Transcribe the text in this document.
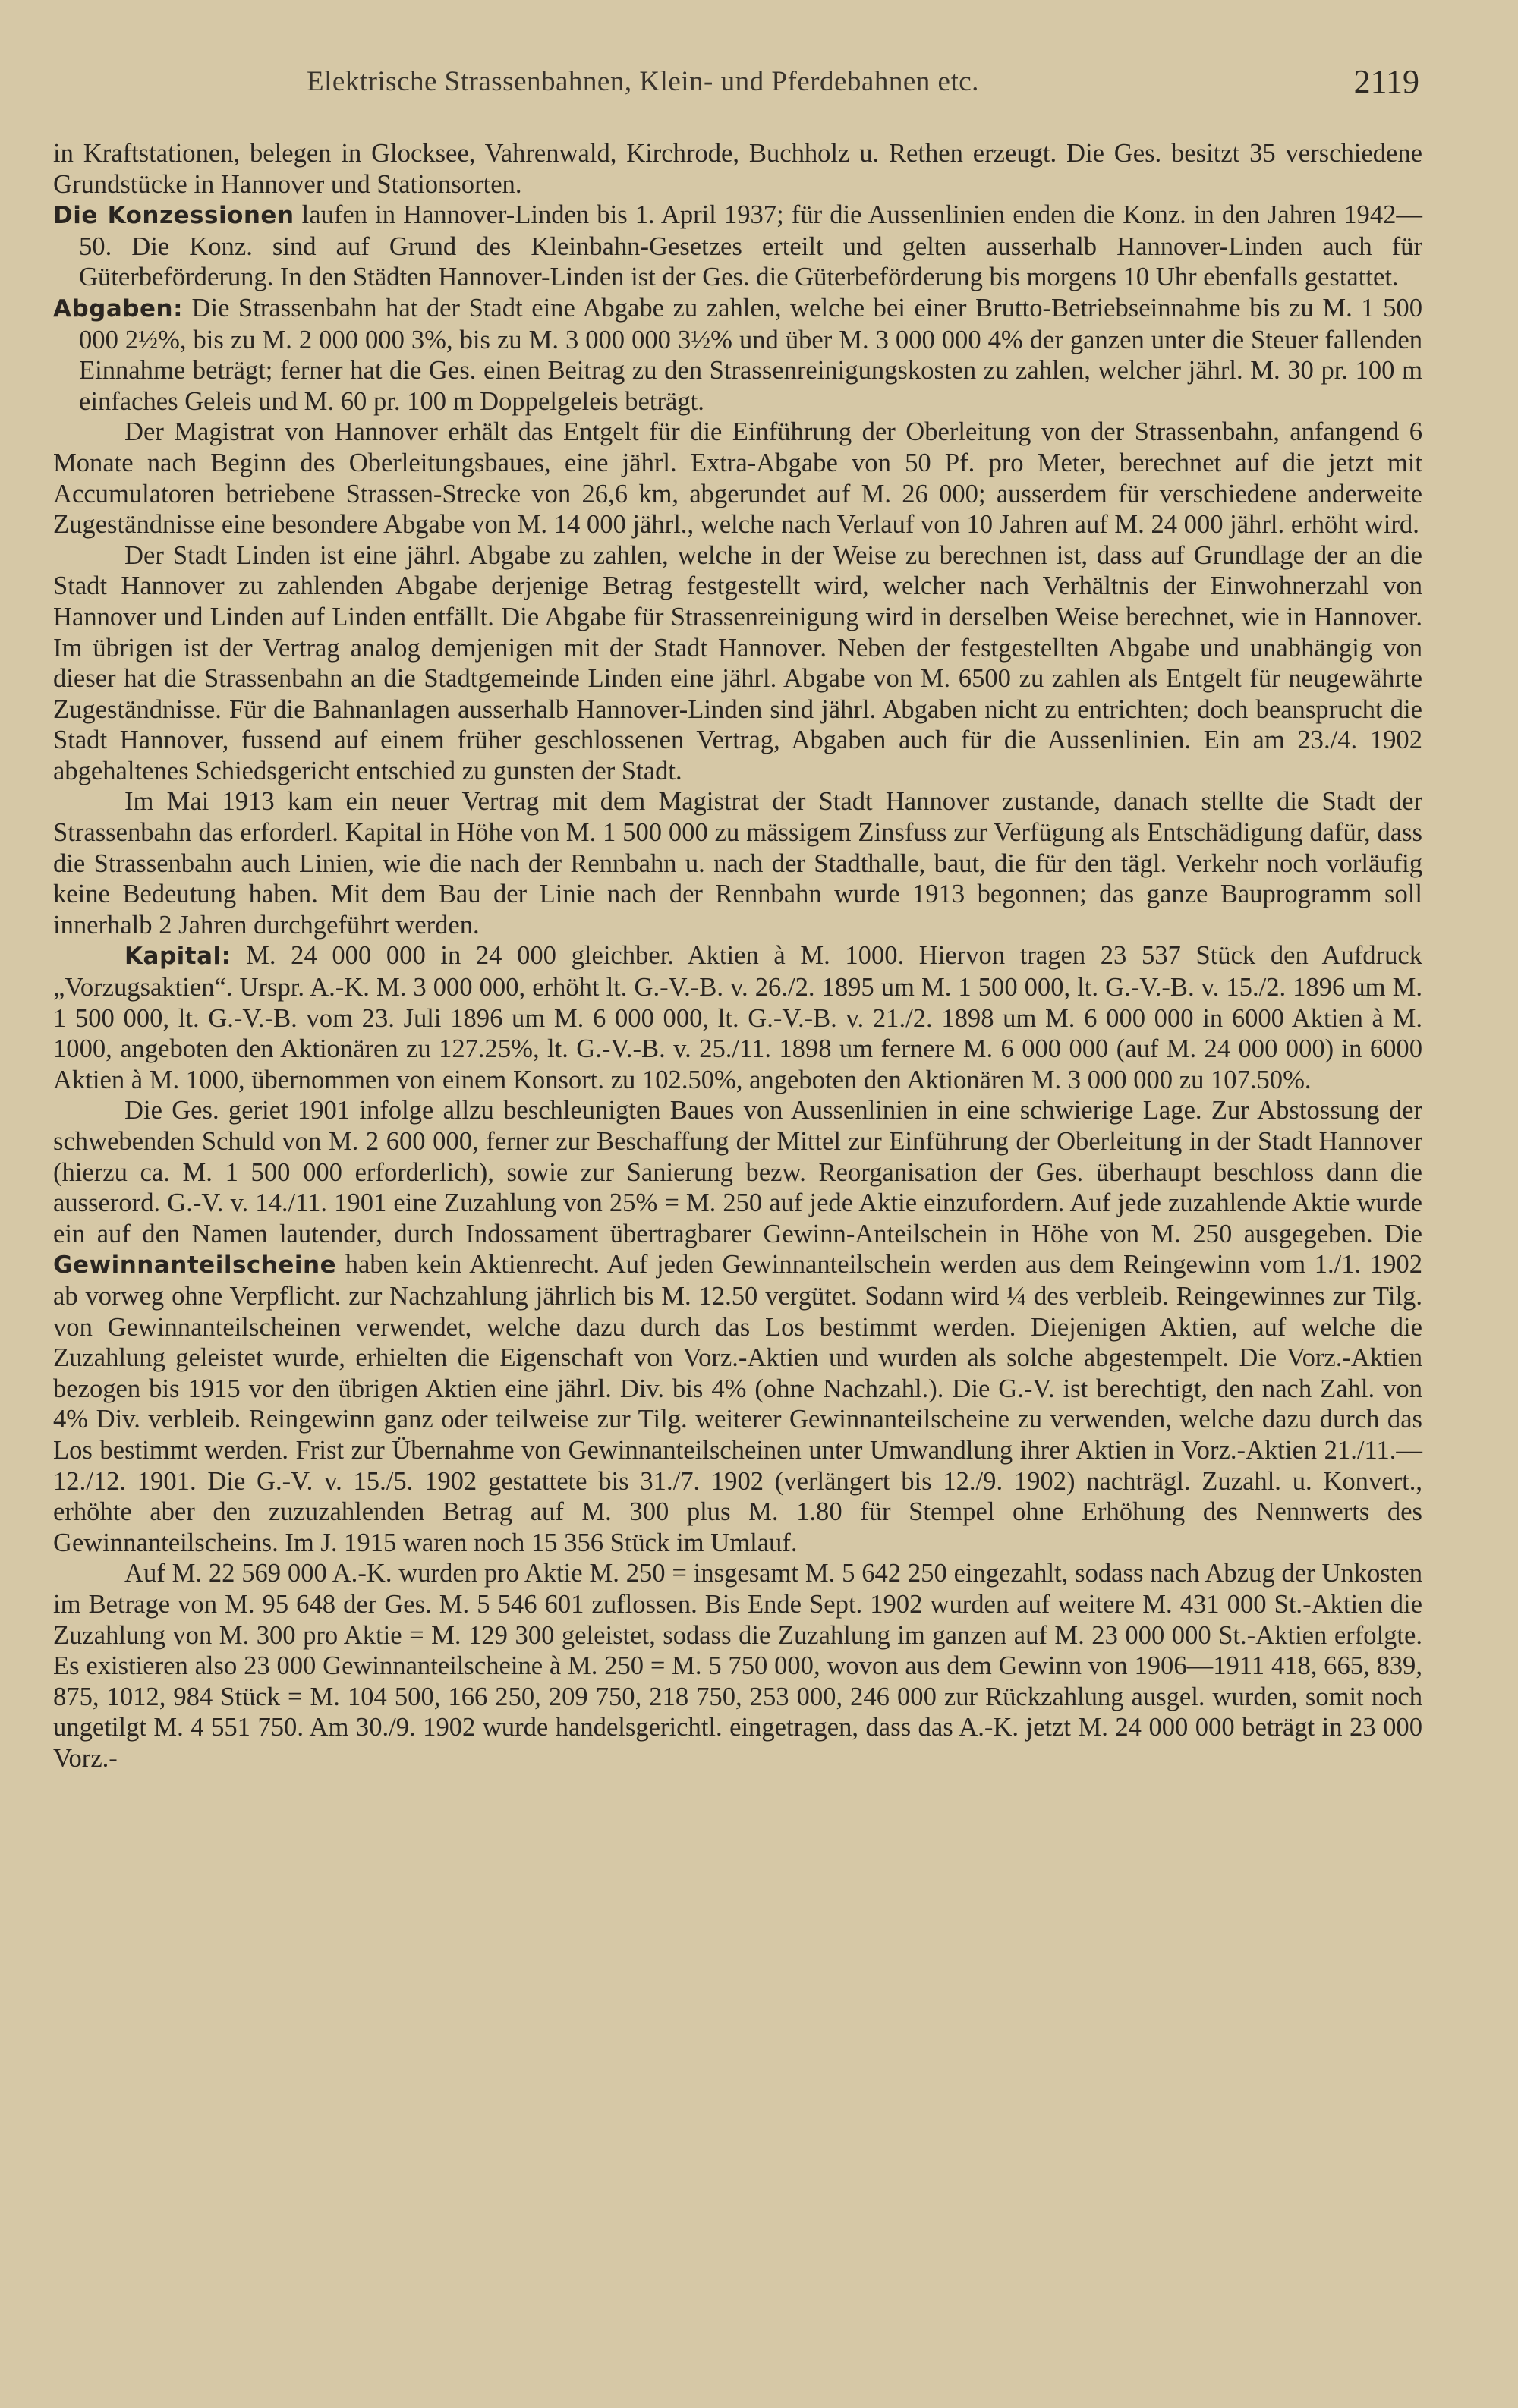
Elektrische Strassenbahnen, Klein- und Pferdebahnen etc.	2119

in Kraftstationen, belegen in Glocksee, Vahrenwald, Kirchrode, Buchholz u. Rethen erzeugt. Die Ges. besitzt 35 verschiedene Grundstücke in Hannover und Stationsorten.

Die Konzessionen laufen in Hannover-Linden bis 1. April 1937; für die Aussenlinien enden die Konz. in den Jahren 1942—50. Die Konz. sind auf Grund des Kleinbahn-Gesetzes erteilt und gelten ausserhalb Hannover-Linden auch für Güterbeförderung. In den Städten Hannover-Linden ist der Ges. die Güterbeförderung bis morgens 10 Uhr ebenfalls gestattet.

Abgaben: Die Strassenbahn hat der Stadt eine Abgabe zu zahlen, welche bei einer Brutto-Betriebseinnahme bis zu M. 1 500 000 2½%, bis zu M. 2 000 000 3%, bis zu M. 3 000 000 3½% und über M. 3 000 000 4% der ganzen unter die Steuer fallenden Einnahme beträgt; ferner hat die Ges. einen Beitrag zu den Strassenreinigungskosten zu zahlen, welcher jährl. M. 30 pr. 100 m einfaches Geleis und M. 60 pr. 100 m Doppelgeleis beträgt.

Der Magistrat von Hannover erhält das Entgelt für die Einführung der Oberleitung von der Strassenbahn, anfangend 6 Monate nach Beginn des Oberleitungsbaues, eine jährl. Extra-Abgabe von 50 Pf. pro Meter, berechnet auf die jetzt mit Accumulatoren betriebene Strassen-Strecke von 26,6 km, abgerundet auf M. 26 000; ausserdem für verschiedene anderweite Zugeständnisse eine besondere Abgabe von M. 14 000 jährl., welche nach Verlauf von 10 Jahren auf M. 24 000 jährl. erhöht wird.

Der Stadt Linden ist eine jährl. Abgabe zu zahlen, welche in der Weise zu berechnen ist, dass auf Grundlage der an die Stadt Hannover zu zahlenden Abgabe derjenige Betrag festgestellt wird, welcher nach Verhältnis der Einwohnerzahl von Hannover und Linden auf Linden entfällt. Die Abgabe für Strassenreinigung wird in derselben Weise berechnet, wie in Hannover. Im übrigen ist der Vertrag analog demjenigen mit der Stadt Hannover. Neben der festgestellten Abgabe und unabhängig von dieser hat die Strassenbahn an die Stadtgemeinde Linden eine jährl. Abgabe von M. 6500 zu zahlen als Entgelt für neugewährte Zugeständnisse. Für die Bahnanlagen ausserhalb Hannover-Linden sind jährl. Abgaben nicht zu entrichten; doch beansprucht die Stadt Hannover, fussend auf einem früher geschlossenen Vertrag, Abgaben auch für die Aussenlinien. Ein am 23./4. 1902 abgehaltenes Schiedsgericht entschied zu gunsten der Stadt.

Im Mai 1913 kam ein neuer Vertrag mit dem Magistrat der Stadt Hannover zustande, danach stellte die Stadt der Strassenbahn das erforderl. Kapital in Höhe von M. 1 500 000 zu mässigem Zinsfuss zur Verfügung als Entschädigung dafür, dass die Strassenbahn auch Linien, wie die nach der Rennbahn u. nach der Stadthalle, baut, die für den tägl. Verkehr noch vorläufig keine Bedeutung haben. Mit dem Bau der Linie nach der Rennbahn wurde 1913 begonnen; das ganze Bauprogramm soll innerhalb 2 Jahren durchgeführt werden.

Kapital: M. 24 000 000 in 24 000 gleichber. Aktien à M. 1000. Hiervon tragen 23 537 Stück den Aufdruck „Vorzugsaktien“. Urspr. A.-K. M. 3 000 000, erhöht lt. G.-V.-B. v. 26./2. 1895 um M. 1 500 000, lt. G.-V.-B. v. 15./2. 1896 um M. 1 500 000, lt. G.-V.-B. vom 23. Juli 1896 um M. 6 000 000, lt. G.-V.-B. v. 21./2. 1898 um M. 6 000 000 in 6000 Aktien à M. 1000, angeboten den Aktionären zu 127.25%, lt. G.-V.-B. v. 25./11. 1898 um fernere M. 6 000 000 (auf M. 24 000 000) in 6000 Aktien à M. 1000, übernommen von einem Konsort. zu 102.50%, angeboten den Aktionären M. 3 000 000 zu 107.50%.

Die Ges. geriet 1901 infolge allzu beschleunigten Baues von Aussenlinien in eine schwierige Lage. Zur Abstossung der schwebenden Schuld von M. 2 600 000, ferner zur Beschaffung der Mittel zur Einführung der Oberleitung in der Stadt Hannover (hierzu ca. M. 1 500 000 erforderlich), sowie zur Sanierung bezw. Reorganisation der Ges. überhaupt beschloss dann die ausserord. G.-V. v. 14./11. 1901 eine Zuzahlung von 25% = M. 250 auf jede Aktie einzufordern. Auf jede zuzahlende Aktie wurde ein auf den Namen lautender, durch Indossament übertragbarer Gewinn-Anteilschein in Höhe von M. 250 ausgegeben. Die Gewinnanteilscheine haben kein Aktienrecht. Auf jeden Gewinnanteilschein werden aus dem Reingewinn vom 1./1. 1902 ab vorweg ohne Verpflicht. zur Nachzahlung jährlich bis M. 12.50 vergütet. Sodann wird ¼ des verbleib. Reingewinnes zur Tilg. von Gewinnanteilscheinen verwendet, welche dazu durch das Los bestimmt werden. Diejenigen Aktien, auf welche die Zuzahlung geleistet wurde, erhielten die Eigenschaft von Vorz.-Aktien und wurden als solche abgestempelt. Die Vorz.-Aktien bezogen bis 1915 vor den übrigen Aktien eine jährl. Div. bis 4% (ohne Nachzahl.). Die G.-V. ist berechtigt, den nach Zahl. von 4% Div. verbleib. Reingewinn ganz oder teilweise zur Tilg. weiterer Gewinnanteilscheine zu verwenden, welche dazu durch das Los bestimmt werden. Frist zur Übernahme von Gewinnanteilscheinen unter Umwandlung ihrer Aktien in Vorz.-Aktien 21./11.—12./12. 1901. Die G.-V. v. 15./5. 1902 gestattete bis 31./7. 1902 (verlängert bis 12./9. 1902) nachträgl. Zuzahl. u. Konvert., erhöhte aber den zuzuzahlenden Betrag auf M. 300 plus M. 1.80 für Stempel ohne Erhöhung des Nennwerts des Gewinnanteilscheins. Im J. 1915 waren noch 15 356 Stück im Umlauf.

Auf M. 22 569 000 A.-K. wurden pro Aktie M. 250 = insgesamt M. 5 642 250 eingezahlt, sodass nach Abzug der Unkosten im Betrage von M. 95 648 der Ges. M. 5 546 601 zuflossen. Bis Ende Sept. 1902 wurden auf weitere M. 431 000 St.-Aktien die Zuzahlung von M. 300 pro Aktie = M. 129 300 geleistet, sodass die Zuzahlung im ganzen auf M. 23 000 000 St.-Aktien erfolgte. Es existieren also 23 000 Gewinnanteilscheine à M. 250 = M. 5 750 000, wovon aus dem Gewinn von 1906—1911 418, 665, 839, 875, 1012, 984 Stück = M. 104 500, 166 250, 209 750, 218 750, 253 000, 246 000 zur Rückzahlung ausgel. wurden, somit noch ungetilgt M. 4 551 750. Am 30./9. 1902 wurde handelsgerichtl. eingetragen, dass das A.-K. jetzt M. 24 000 000 beträgt in 23 000 Vorz.-
